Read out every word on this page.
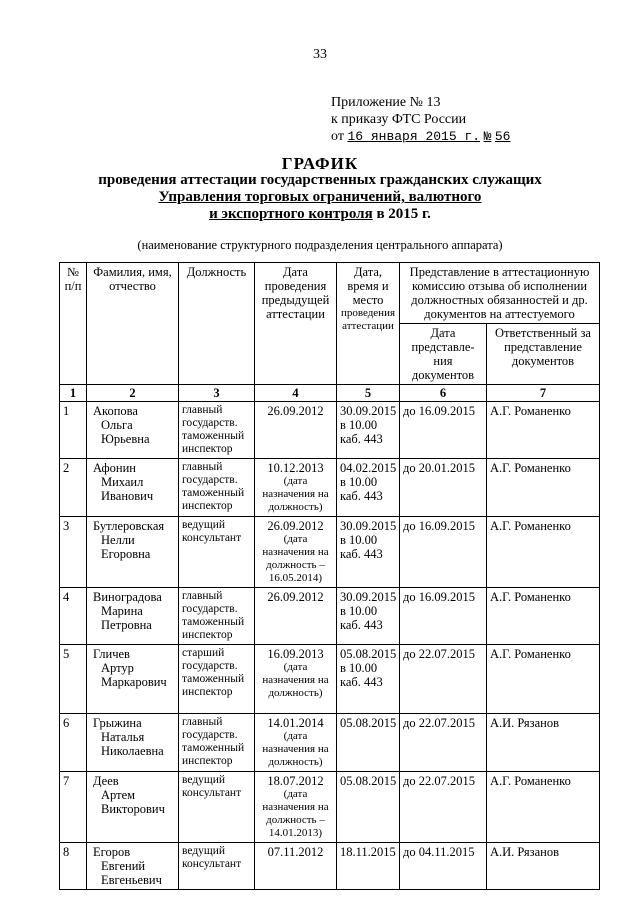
33
Приложение № 13
к приказу ФТС России
от 16 января 2015 г. № 56
ГРАФИК
проведения аттестации государственных гражданских служащих
Управления торговых ограничений, валютного
и экспортного контроля в 2015 г.
(наименование структурного подразделения центрального аппарата)
№ п/п	Фамилия, имя, отчество	Должность	Дата проведения предыдущей аттестации	Дата, время и место
проведения аттестации	Представление в аттестационную комиссию отзыва об исполнении должностных обязанностей и др. документов на аттестуемого	
					Дата представле-ния документов	Ответственный за представление документов
1	2	3	4	5	6	7
1	Акопова
Ольга
Юрьевна	главный государств. таможенный инспектор	26.09.2012	30.09.2015
в 10.00
каб. 443	до 16.09.2015	А.Г. Романенко
2	Афонин
Михаил
Иванович	главный государств. таможенный инспектор	10.12.2013
(дата назначения на должность)	04.02.2015
в 10.00
каб. 443	до 20.01.2015	А.Г. Романенко
3	Бутлеровская
Нелли
Егоровна	ведущий консультант	26.09.2012
(дата назначения на должность – 16.05.2014)	30.09.2015
в 10.00
каб. 443	до 16.09.2015	А.Г. Романенко
4	Виноградова
Марина
Петровна	главный государств. таможенный инспектор	26.09.2012	30.09.2015
в 10.00
каб. 443	до 16.09.2015	А.Г. Романенко
5	Гличев
Артур
Маркарович	старший государств. таможенный инспектор	16.09.2013
(дата назначения на должность)	05.08.2015
в 10.00
каб. 443	до 22.07.2015	А.Г. Романенко
6	Грыжина
Наталья
Николаевна	главный государств. таможенный инспектор	14.01.2014
(дата назначения на должность)	05.08.2015	до 22.07.2015	А.И. Рязанов
7	Деев
Артем
Викторович	ведущий консультант	18.07.2012
(дата назначения на должность – 14.01.2013)	05.08.2015	до 22.07.2015	А.Г. Романенко
8	Егоров
Евгений
Евгеньевич	ведущий консультант	07.11.2012	18.11.2015	до 04.11.2015	А.И. Рязанов
